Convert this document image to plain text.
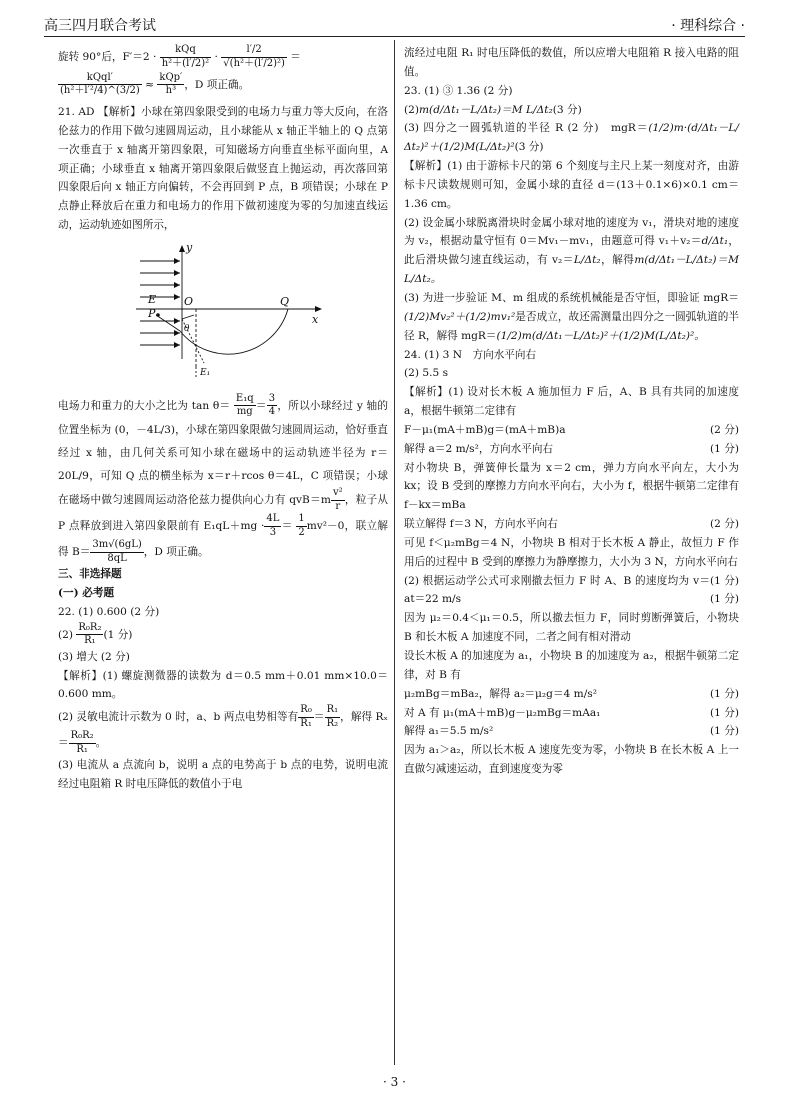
高三四月联合考试	· 理科综合 ·

旋转 90°后，$F'=2 \cdot \frac{\text{kQq}}{\text{h²＋(l′/2)²}} \cdot \frac{l'/2}{\text{√(h²＋(l′/2)²)}}$ ＝

$\frac{\text{kQql′}}{\text{(h²＋l′²/4)\textasciicircum{}(3/2)}} \approx \frac{\text{kQp′}}{\text{h³}}$ ，D 项正确。

21. AD 【解析】小球在第四象限受到的电场力与重力等大反向，在洛伦兹力的作用下做匀速圆周运动，且小球能从 x 轴正半轴上的 Q 点第一次垂直于 x 轴离开第四象限，可知磁场方向垂直坐标平面向里，A 项正确；小球垂直 x 轴离开第四象限后做竖直上抛运动，再次落回第四象限后向 x 轴正方向偏转，不会再回到 P 点，B 项错误；小球在 P 点静止释放后在重力和电场力的作用下做初速度为零的匀加速直线运动，运动轨迹如图所示，

y
x
O	Q
P
E
θ
E₁

电场力和重力的大小之比为 $\tan \theta= \frac{\text{E₁q}}{mg} = \frac{3}{4}$ ，所以小球经过 y 轴的位置坐标为 (0，－4L/3)，小球在第四象限做匀速圆周运动，恰好垂直经过 x 轴，由几何关系可知小球在磁场中的运动轨迹半径为 r＝20L/9，可知 Q 点的横坐标为 x＝r＋rcos θ＝4L，C 项错误；小球在磁场中做匀速圆周运动洛伦兹力提供向心力有 $qvB=m \frac{\text{v²}}{r}$ ，粒子从 P 点释放到进入第四象限前有 $E_1qL+mg \cdot \frac{4L}{3} = \frac{1}{2} mv^2-0$，联立解得 $B= \frac{3m√(6gL)}{8qL}$ ，D 项正确。

三、非选择题

(一) 必考题

22. (1) 0.600 (2 分)

$(2) \frac{\text{R₀R₂}}{\text{R₁}} (1$ 分)

(3) 增大 (2 分)

【解析】(1) 螺旋测微器的读数为 d＝0.5 mm＋0.01 mm×10.0＝0.600 mm。

(2) 灵敏电流计示数为 0 时，a、b 两点电势相等有 $\frac{\text{R₀}}{\text{R₁}} = \frac{\text{R₁}}{\text{R₂}}$ ，解得 $R_x= \frac{\text{R₀R₂}}{\text{R₁}}$ 。

(3) 电流从 a 点流向 b，说明 a 点的电势高于 b 点的电势，说明电流经过电阻箱 R 时电压降低的数值小于电

流经过电阻 R₁ 时电压降低的数值，所以应增大电阻箱 R 接入电路的阻值。

23. (1) ③ 1.36 (2 分)

(2)m(d/Δt₁－L/Δt₂)＝M L/Δt₂(3 分)

(3) 四分之一圆弧轨道的半径 R (2 分)　mgR＝(1/2)m·(d/Δt₁－L/Δt₂)²＋(1/2)M(L/Δt₂)²(3 分)

【解析】(1) 由于游标卡尺的第 6 个刻度与主尺上某一刻度对齐，由游标卡尺读数规则可知，金属小球的直径 d＝(13＋0.1×6)×0.1 cm＝1.36 cm。

(2) 设金属小球脱离滑块时金属小球对地的速度为 v₁，滑块对地的速度为 v₂，根据动量守恒有 0＝Mv₁－mv₁，由题意可得 v₁＋v₂＝d/Δt₁，此后滑块做匀速直线运动，有 v₂＝L/Δt₂，解得m(d/Δt₁－L/Δt₂)＝M L/Δt₂。

(3) 为进一步验证 M、m 组成的系统机械能是否守恒，即验证 mgR＝(1/2)Mv₂²＋(1/2)mv₁²是否成立，故还需测量出四分之一圆弧轨道的半径 R，解得 mgR＝(1/2)m(d/Δt₁－L/Δt₂)²＋(1/2)M(L/Δt₂)²。

24. (1) 3 N　方向水平向右

(2) 5.5 s

【解析】(1) 设对长木板 A 施加恒力 F 后，A、B 具有共同的加速度 a，根据牛顿第二定律有

F－μ₁(mA＋mB)g＝(mA＋mB)a	(2 分)
解得 a＝2 m/s²，方向水平向右	(1 分)

对小物块 B，弹簧伸长量为 x＝2 cm，弹力方向水平向左，大小为 kx；设 B 受到的摩擦力方向水平向右，大小为 f，根据牛顿第二定律有 f－kx＝mBa

联立解得 f＝3 N，方向水平向右	(2 分)

可见 f＜μ₂mBg＝4 N，小物块 B 相对于长木板 A 静止，故恒力 F 作用后的过程中 B 受到的摩擦力为静摩擦力，大小为 3 N，方向水平向右
(1 分)

(2) 根据运动学公式可求刚撤去恒力 F 时 A、B 的速度均为 v＝at＝22 m/s	(1 分)

因为 μ₂＝0.4＜μ₁＝0.5，所以撤去恒力 F，同时剪断弹簧后，小物块 B 和长木板 A 加速度不同，二者之间有相对滑动

设长木板 A 的加速度为 a₁，小物块 B 的加速度为 a₂，根据牛顿第二定律，对 B 有

μ₂mBg＝mBa₂，解得 a₂＝μ₂g＝4 m/s²	(1 分)
对 A 有 μ₁(mA＋mB)g－μ₂mBg＝mAa₁	(1 分)
解得 a₁＝5.5 m/s²	(1 分)

因为 a₁＞a₂，所以长木板 A 速度先变为零，小物块 B 在长木板 A 上一直做匀减速运动，直到速度变为零

· 3 ·
